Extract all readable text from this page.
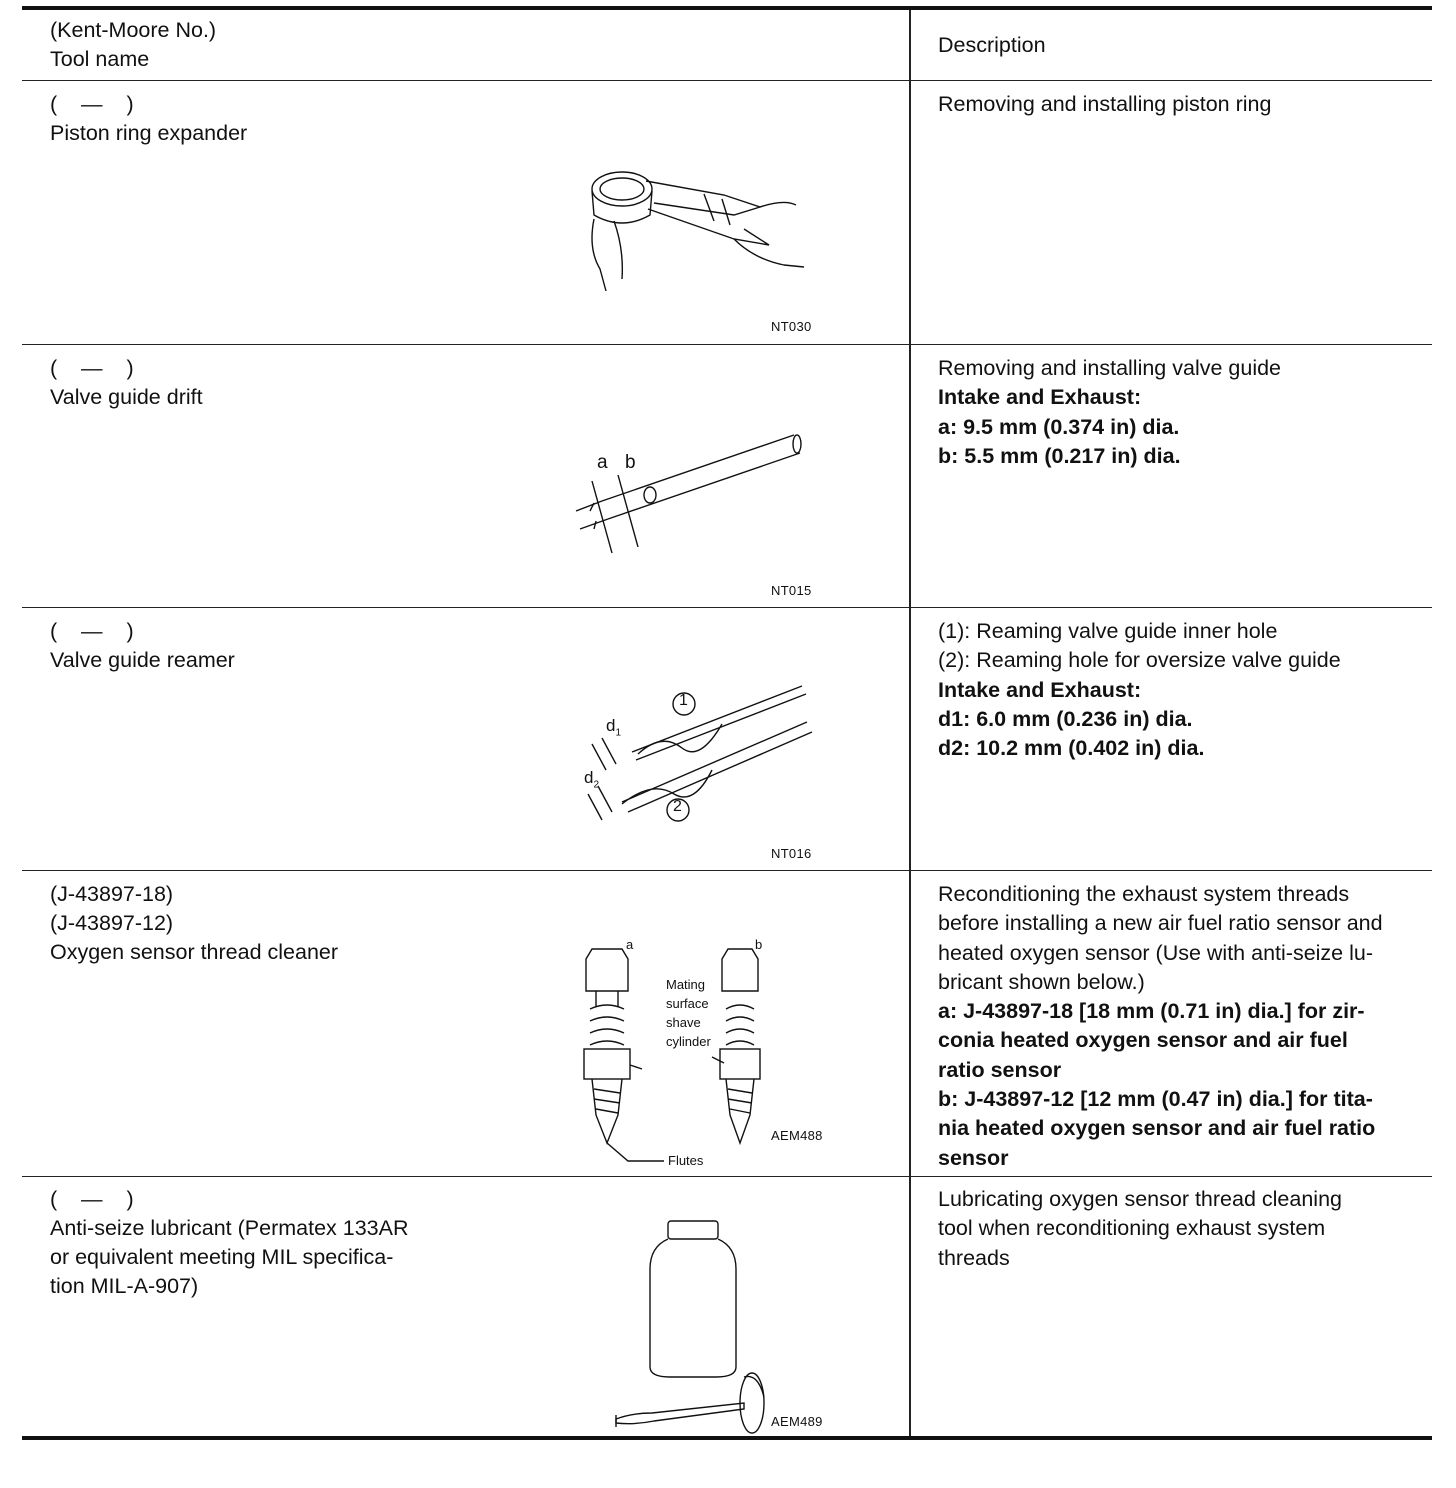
(Kent-Moore No.)
Tool name
Description
(    —    )
Piston ring expander
Removing and installing piston ring
NT030
(    —    )
Valve guide drift
Removing and installing valve guide
Intake and Exhaust:
a: 9.5 mm (0.374 in) dia.
b: 5.5 mm (0.217 in) dia.
a b
NT015
(    —    )
Valve guide reamer
(1): Reaming valve guide inner hole
(2): Reaming hole for oversize valve guide
Intake and Exhaust:
d1: 6.0 mm (0.236 in) dia.
d2: 10.2 mm (0.402 in) dia.
1
2
$d_1$
$d_2$
NT016
(J-43897-18)
(J-43897-12)
Oxygen sensor thread cleaner
Reconditioning the exhaust system threads
before installing a new air fuel ratio sensor and
heated oxygen sensor (Use with anti-seize lu-
bricant shown below.)
a: J-43897-18 [18 mm (0.71 in) dia.] for zir-
conia heated oxygen sensor and air fuel
ratio sensor
b: J-43897-12 [12 mm (0.47 in) dia.] for tita-
nia heated oxygen sensor and air fuel ratio
sensor
a	b
Mating
surface
shave
cylinder
Flutes
AEM488
(    —    )
Anti-seize lubricant (Permatex 133AR
or equivalent meeting MIL specifica-
tion MIL-A-907)
Lubricating oxygen sensor thread cleaning
tool when reconditioning exhaust system
threads
AEM489
